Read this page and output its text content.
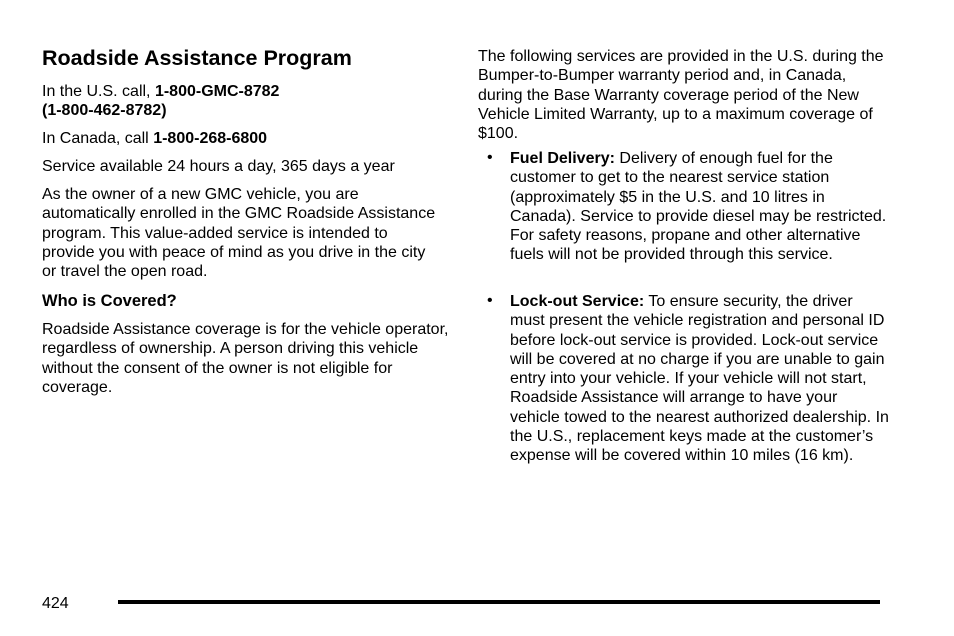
Roadside Assistance Program

In the U.S. call, 1-800-GMC-8782
(1-800-462-8782)

In Canada, call 1-800-268-6800

Service available 24 hours a day, 365 days a year

As the owner of a new GMC vehicle, you are automatically enrolled in the GMC Roadside Assistance program. This value-added service is intended to provide you with peace of mind as you drive in the city or travel the open road.

Who is Covered?

Roadside Assistance coverage is for the vehicle operator, regardless of ownership. A person driving this vehicle without the consent of the owner is not eligible for coverage.

The following services are provided in the U.S. during the Bumper-to-Bumper warranty period and, in Canada, during the Base Warranty coverage period of the New Vehicle Limited Warranty, up to a maximum coverage of $100.

• Fuel Delivery: Delivery of enough fuel for the customer to get to the nearest service station (approximately $5 in the U.S. and 10 litres in Canada). Service to provide diesel may be restricted. For safety reasons, propane and other alternative fuels will not be provided through this service.
• Lock-out Service: To ensure security, the driver must present the vehicle registration and personal ID before lock-out service is provided. Lock-out service will be covered at no charge if you are unable to gain entry into your vehicle. If your vehicle will not start, Roadside Assistance will arrange to have your vehicle towed to the nearest authorized dealership. In the U.S., replacement keys made at the customer’s expense will be covered within 10 miles (16 km).
424
